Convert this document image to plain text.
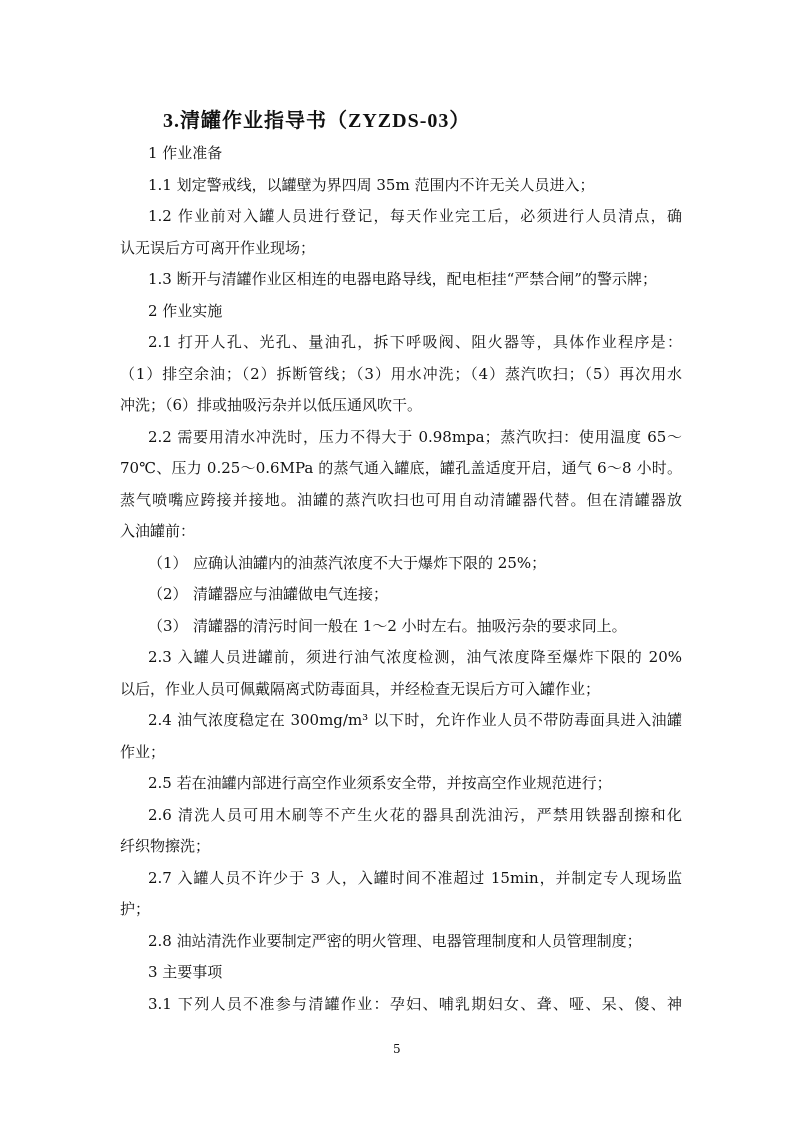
3.清罐作业指导书（ZYZDS-03）
1 作业准备
1.1 划定警戒线，以罐壁为界四周 35m 范围内不许无关人员进入；
1.2 作业前对入罐人员进行登记，每天作业完工后，必须进行人员清点，确
认无误后方可离开作业现场；
1.3 断开与清罐作业区相连的电器电路导线，配电柜挂“严禁合闸”的警示牌；
2 作业实施
2.1 打开人孔、光孔、量油孔，拆下呼吸阀、阻火器等，具体作业程序是：
（1）排空余油；（2）拆断管线；（3）用水冲洗；（4）蒸汽吹扫；（5）再次用水
冲洗；（6）排或抽吸污杂并以低压通风吹干。
2.2 需要用清水冲洗时，压力不得大于 0.98mpa；蒸汽吹扫：使用温度 65～
70℃、压力 0.25～0.6MPa 的蒸气通入罐底，罐孔盖适度开启，通气 6～8 小时。
蒸气喷嘴应跨接并接地。油罐的蒸汽吹扫也可用自动清罐器代替。但在清罐器放
入油罐前：
（1） 应确认油罐内的油蒸汽浓度不大于爆炸下限的 25%；
（2） 清罐器应与油罐做电气连接；
（3） 清罐器的清污时间一般在 1～2 小时左右。抽吸污杂的要求同上。
2.3 入罐人员进罐前，须进行油气浓度检测，油气浓度降至爆炸下限的 20%
以后，作业人员可佩戴隔离式防毒面具，并经检查无误后方可入罐作业；
2.4 油气浓度稳定在 300mg/m³ 以下时，允许作业人员不带防毒面具进入油罐
作业；
2.5 若在油罐内部进行高空作业须系安全带，并按高空作业规范进行；
2.6 清洗人员可用木刷等不产生火花的器具刮洗油污，严禁用铁器刮擦和化
纤织物擦洗；
2.7 入罐人员不许少于 3 人，入罐时间不准超过 15min，并制定专人现场监
护；
2.8 油站清洗作业要制定严密的明火管理、电器管理制度和人员管理制度；
3 主要事项
3.1 下列人员不准参与清罐作业：孕妇、哺乳期妇女、聋、哑、呆、傻、神
5
